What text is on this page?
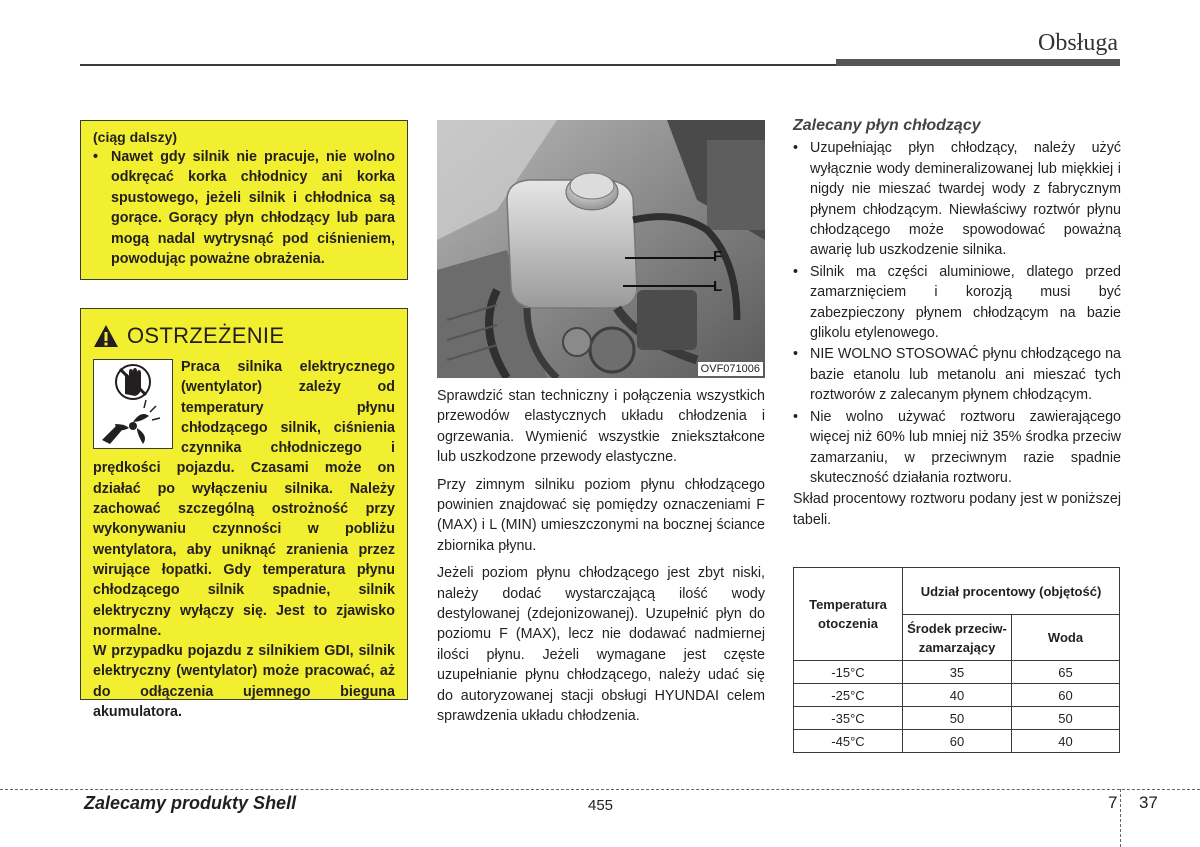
Obsługa
(ciąg dalszy)
• Nawet gdy silnik nie pracuje, nie wolno odkręcać korka chłodnicy ani korka spustowego, jeżeli silnik i chłodnica są gorące. Gorący płyn chłodzący lub para mogą nadal wytrysnąć pod ciśnieniem, powodując poważne obrażenia.
OSTRZEŻENIE
Praca silnika elektrycznego (wentylator) zależy od temperatury płynu chłodzącego silnik, ciśnienia czynnika chłodniczego i prędkości pojazdu. Czasami może on działać po wyłączeniu silnika. Należy zachować szczególną ostrożność przy wykonywaniu czynności w pobliżu wentylatora, aby uniknąć zranienia przez wirujące łopatki. Gdy temperatura płynu chłodzącego silnik spadnie, silnik elektryczny wyłączy się. Jest to zjawisko normalne.
W przypadku pojazdu z silnikiem GDI, silnik elektryczny (wentylator) może pracować, aż do odłączenia ujemnego bieguna akumulatora.
F
L
OVF071006

Sprawdzić stan techniczny i połączenia wszystkich przewodów elastycznych układu chłodzenia i ogrzewania. Wymienić wszystkie zniekształcone lub uszkodzone przewody elastyczne.

Przy zimnym silniku poziom płynu chłodzącego powinien znajdować się pomiędzy oznaczeniami F (MAX) i L (MIN) umieszczonymi na bocznej ściance zbiornika płynu.

Jeżeli poziom płynu chłodzącego jest zbyt niski, należy dodać wystarczającą ilość wody destylowanej (zdejonizowanej). Uzupełnić płyn do poziomu F (MAX), lecz nie dodawać nadmiernej ilości płynu. Jeżeli wymagane jest częste uzupełnianie płynu chłodzącego, należy udać się do autoryzowanej stacji obsługi HYUNDAI celem sprawdzenia układu chłodzenia.

Zalecany płyn chłodzący
• Uzupełniając płyn chłodzący, należy użyć wyłącznie wody demineralizowanej lub miękkiej i nigdy nie mieszać twardej wody z fabrycznym płynem chłodzącym. Niewłaściwy roztwór płynu chłodzącego może spowodować poważną awarię lub uszkodzenie silnika.
• Silnik ma części aluminiowe, dlatego przed zamarznięciem i korozją musi być zabezpieczony płynem chłodzącym na bazie glikolu etylenowego.
• NIE WOLNO STOSOWAĆ płynu chłodzącego na bazie etanolu lub metanolu ani mieszać tych roztworów z zalecanym płynem chłodzącym.
• Nie wolno używać roztworu zawierającego więcej niż 60% lub mniej niż 35% środka przeciw zamarzaniu, w przeciwnym razie spadnie skuteczność działania roztworu.
Skład procentowy roztworu podany jest w poniższej tabeli.
Temperatura otoczenia	Udział procentowy (objętość)	
	Środek przeciw-zamarzający	Woda
-15°C	35	65
-25°C	40	60
-35°C	50	50
-45°C	60	40
Zalecamy produkty Shell	455	7 37
